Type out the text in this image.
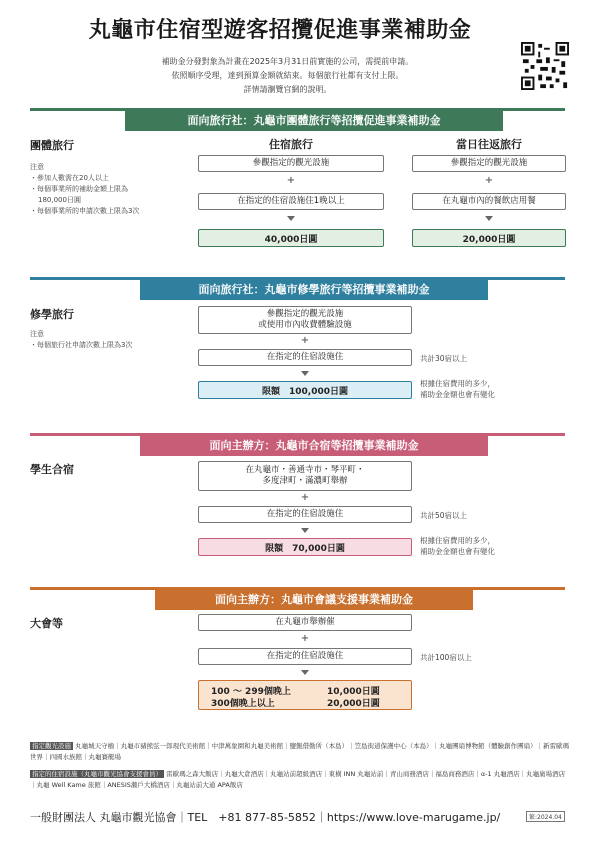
丸龜市住宿型遊客招攬促進事業補助金
補助金分發對象為計畫在2025年3月31日前實施的公司，需提前申請。
依照順序受理，達到預算金額就結束。每個旅行社都有支付上限。
詳情請瀏覽官網的說明。
面向旅行社：丸龜市團體旅行等招攬促進事業補助金
團體旅行
注意
・參加人數需在20人以上
・每個事業所的補助金額上限為
180,000日圓
・每個事業所的申請次數上限為3次
住宿旅行
參觀指定的觀光設施
+
在指定的住宿設施住1晚以上
40,000日圓
當日往返旅行
參觀指定的觀光設施
+
在丸龜市內的餐飲店用餐
20,000日圓
面向旅行社：丸龜市修學旅行等招攬事業補助金
修學旅行
注意
・每個旅行社申請次數上限為3次
參觀指定的觀光設施
或使用市內收費體驗設施
+
在指定的住宿設施住	共計30宿以上
限額　100,000日圓
根據住宿費用的多少，
補助金金額也會有變化
面向主辦方：丸龜市合宿等招攬事業補助金
學生合宿	在丸龜市・善通寺市・琴平町・
多度津町・滿濃町舉辦
+
在指定的住宿設施住	共計50宿以上
限額　70,000日圓
根據住宿費用的多少，
補助金金額也會有變化
面向主辦方：丸龜市會議支援事業補助金
大會等	在丸龜市舉辦催
+
在指定的住宿設施住	共計100宿以上
100 ～ 299個晚上	10,000日圓
300個晚上以上	20,000日圓
指定觀光設施 丸龜城天守櫓｜丸龜市豬熊弦一郎現代美術館｜中津萬象園和丸龜美術館｜鹽飽借勤所（本島）｜笠島街道保護中心（本島）｜丸龜團扇博物館（體驗創作團扇）｜新雷歐瑪世界｜四國水族館｜丸龜賽艇場
指定的住宿設施（丸龜市觀光協會支援會員） 雷歐瑪之森大飯店｜丸龜大倉酒店｜丸龜站前超級酒店｜東橫 INN 丸龜站前｜青山商務酒店｜福島商務酒店｜α-1 丸龜酒店｜丸龜廣場酒店｜丸龜 Well Kame 旅館｜ANESIS瀨戶大橋酒店｜丸龜站前大通 APA飯店
一般財團法人 丸龜市觀光協會｜TEL　+81 877-85-5852｜https://www.love-marugame.jp/	繁:2024.04
